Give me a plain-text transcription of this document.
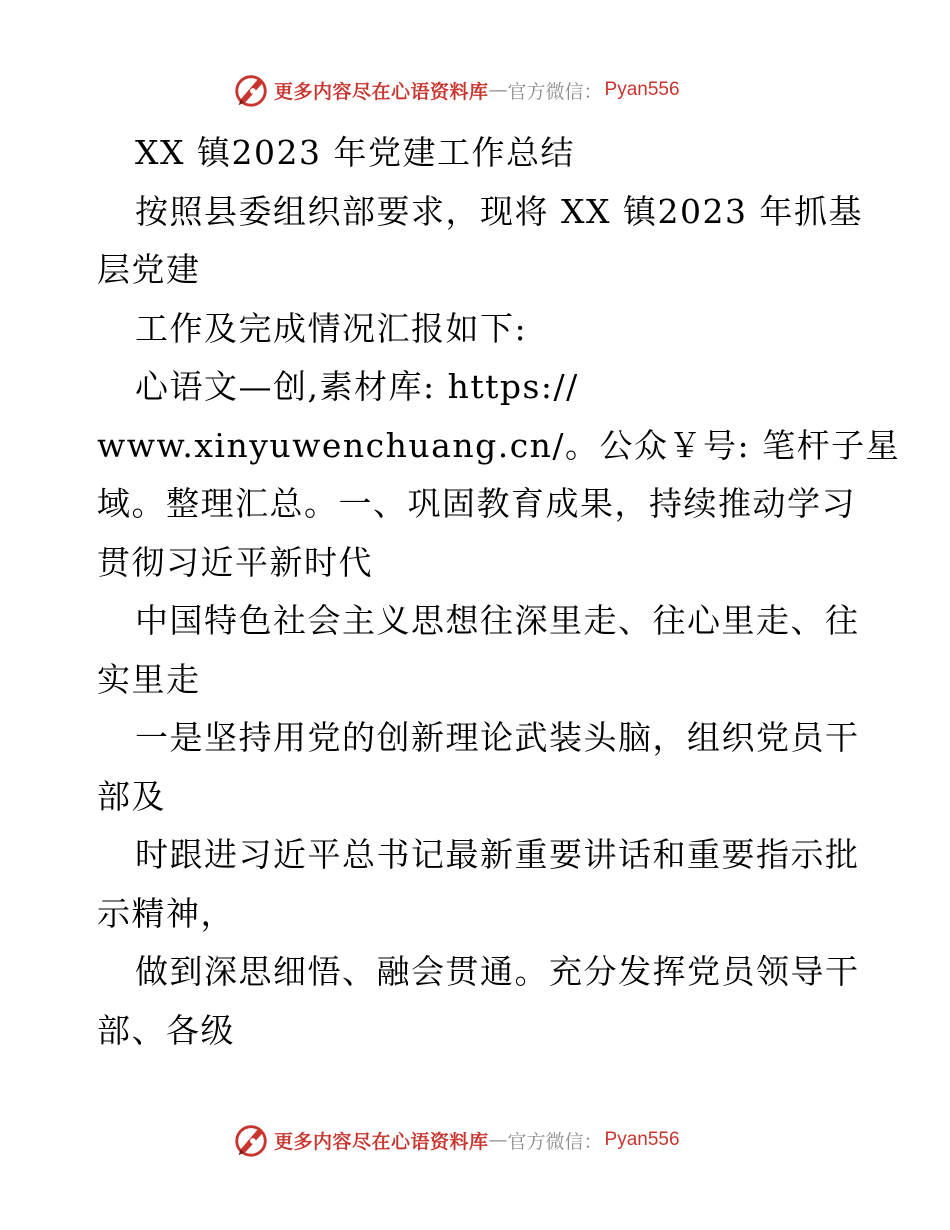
更多内容尽在心语资料库 — 官方微信： Pyan556

XX 镇2023 年党建工作总结

按照县委组织部要求，现将 XX 镇2023 年抓基

层党建

工作及完成情况汇报如下:

心语文—创,素材库: https://

www.xinyuwenchuang.cn/。公众￥号: 笔杆子星

域。整理汇总。一、巩固教育成果，持续推动学习

贯彻习近平新时代

中国特色社会主义思想往深里走、往心里走、往

实里走

一是坚持用党的创新理论武装头脑，组织党员干

部及

时跟进习近平总书记最新重要讲话和重要指示批

示精神，

做到深思细悟、融会贯通。充分发挥党员领导干

部、各级

更多内容尽在心语资料库 — 官方微信： Pyan556
